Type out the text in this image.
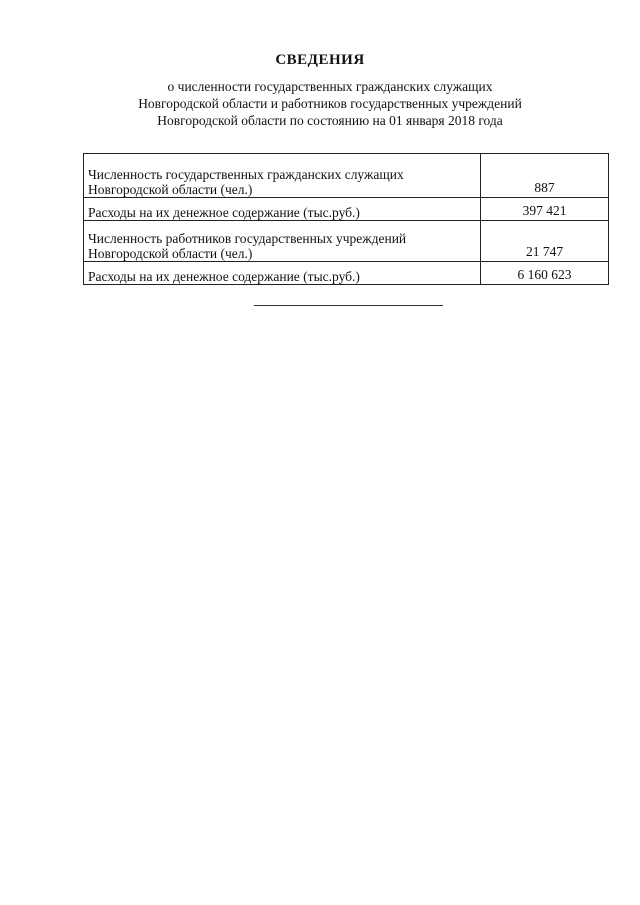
СВЕДЕНИЯ
о численности государственных гражданских служащих
Новгородской области и работников государственных учреждений
Новгородской области по состоянию на 01 января 2018 года
Численность государственных гражданских служащих
Новгородской области (чел.)	887

Расходы на их денежное содержание (тыс.руб.)	397 421

Численность работников государственных учреждений
Новгородской области (чел.)	21 747

Расходы на их денежное содержание (тыс.руб.)	6 160 623
